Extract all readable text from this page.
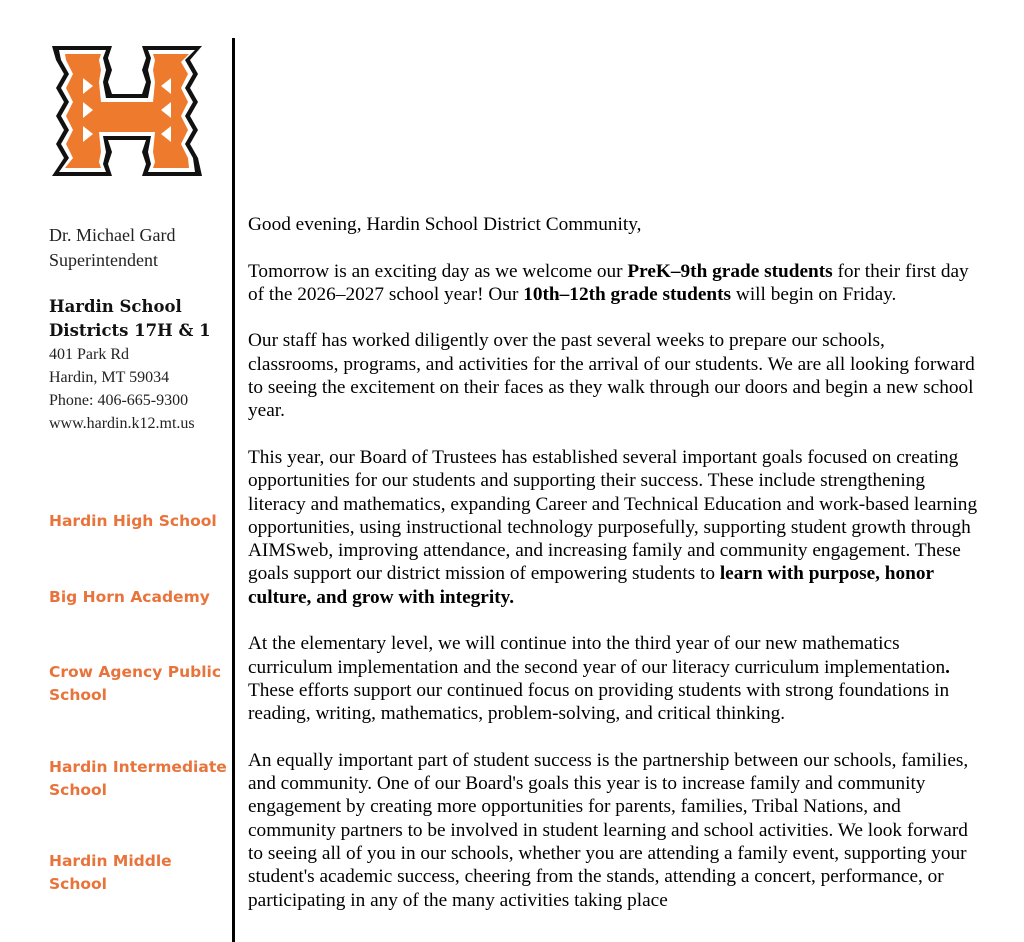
Dr. Michael Gard
Superintendent
Hardin School
Districts 17H & 1
401 Park Rd
Hardin, MT 59034
Phone: 406-665-9300
www.hardin.k12.mt.us
Hardin High School
Big Horn Academy
Crow Agency Public
School
Hardin Intermediate
School
Hardin Middle
School

Good evening, Hardin School District Community,

Tomorrow is an exciting day as we welcome our PreK–9th grade students for their first day of the 2026–2027 school year! Our 10th–12th grade students will begin on Friday.

Our staff has worked diligently over the past several weeks to prepare our schools, classrooms, programs, and activities for the arrival of our students. We are all looking forward to seeing the excitement on their faces as they walk through our doors and begin a new school year.

This year, our Board of Trustees has established several important goals focused on creating opportunities for our students and supporting their success. These include strengthening literacy and mathematics, expanding Career and Technical Education and work-based learning opportunities, using instructional technology purposefully, supporting student growth through AIMSweb, improving attendance, and increasing family and community engagement. These goals support our district mission of empowering students to learn with purpose, honor culture, and grow with integrity.

At the elementary level, we will continue into the third year of our new mathematics curriculum implementation and the second year of our literacy curriculum implementation. These efforts support our continued focus on providing students with strong foundations in reading, writing, mathematics, problem-solving, and critical thinking.

An equally important part of student success is the partnership between our schools, families, and community. One of our Board's goals this year is to increase family and community engagement by creating more opportunities for parents, families, Tribal Nations, and community partners to be involved in student learning and school activities. We look forward to seeing all of you in our schools, whether you are attending a family event, supporting your student's academic success, cheering from the stands, attending a concert, performance, or participating in any of the many activities taking place
